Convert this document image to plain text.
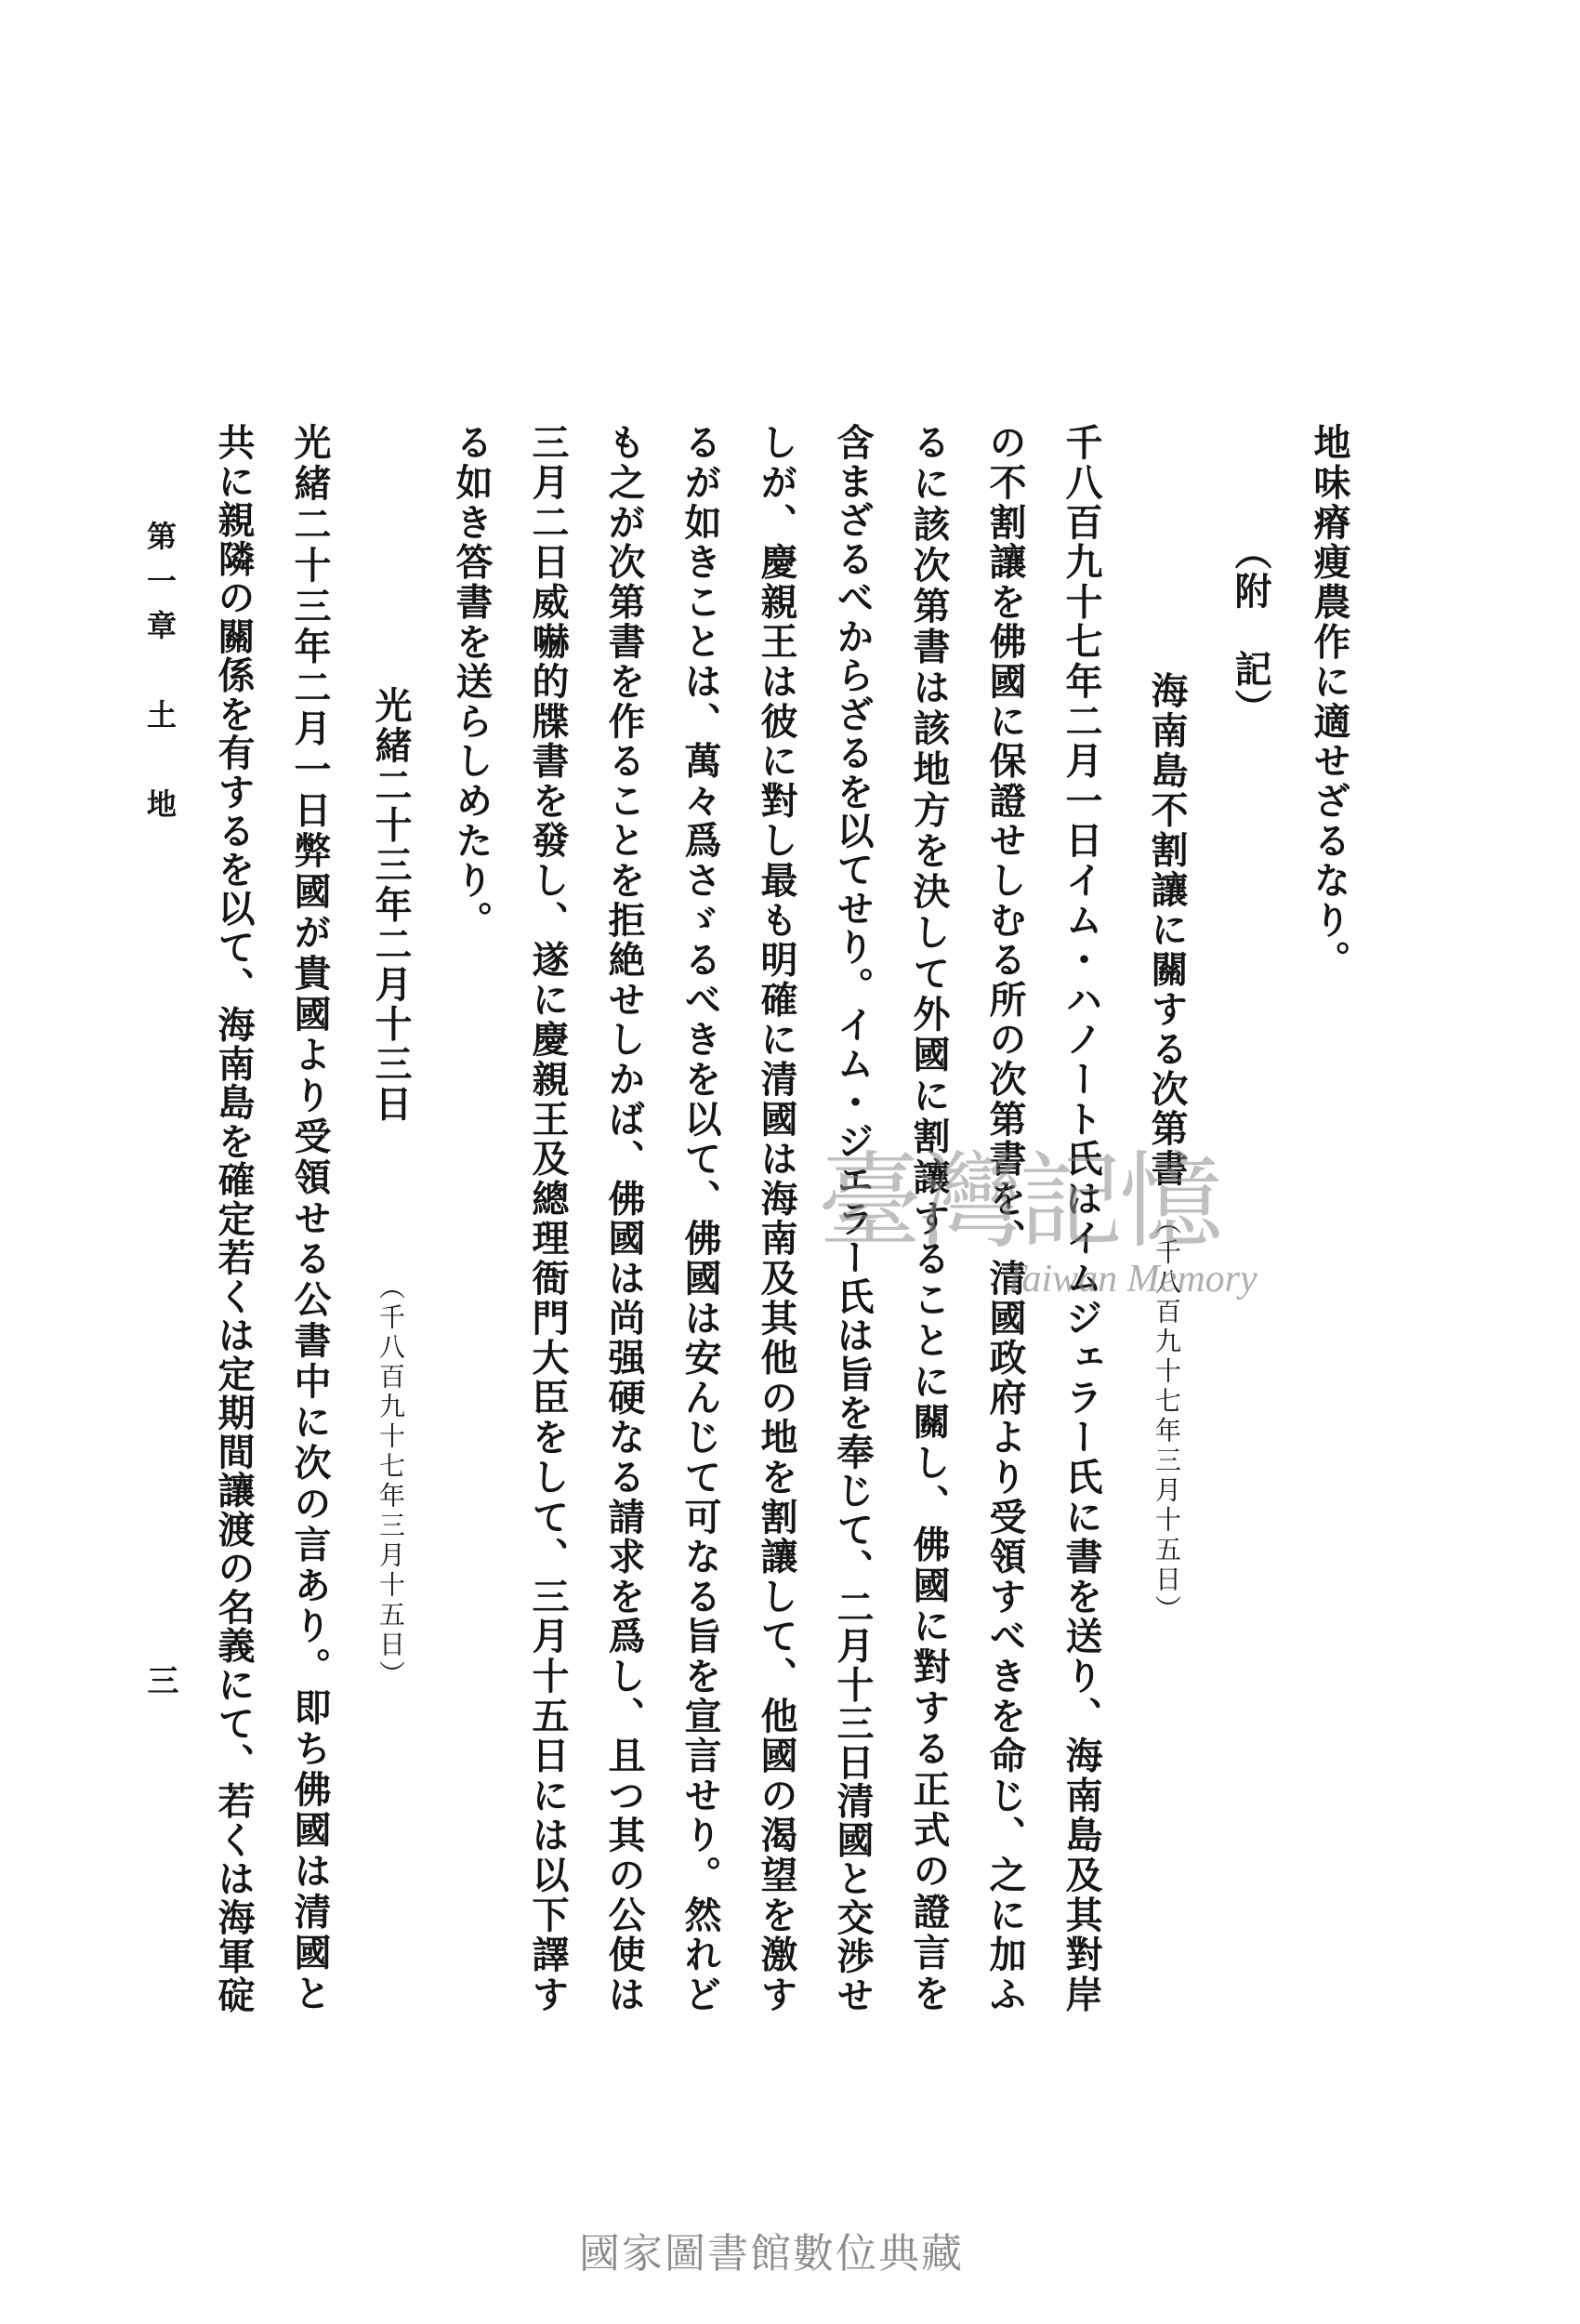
地味瘠痩農作に適せざるなり。
（附　記）
海南島不割讓に關する次第書
（千八百九十七年三月十五日）
千八百九十七年二月一日イム・ハノート氏はイムジェラー氏に書を送り、海南島及其對岸
の不割讓を佛國に保證せしむる所の次第書を、清國政府より受領すべきを命じ、之に加ふ
るに該次第書は該地方を決して外國に割讓することに關し、佛國に對する正式の證言を
含まざるべからざるを以てせり。イム・ジエラー氏は旨を奉じて、二月十三日清國と交渉せ
しが、慶親王は彼に對し最も明確に清國は海南及其他の地を割讓して、他國の渴望を激す
るが如きことは、萬々爲さゞるべきを以て、佛國は安んじて可なる旨を宣言せり。然れど
も之が次第書を作ることを拒絶せしかば、佛國は尚强硬なる請求を爲し、且つ其の公使は
三月二日威嚇的牒書を發し、遂に慶親王及總理衙門大臣をして、三月十五日には以下譯す
る如き答書を送らしめたり。
光緒二十三年二月十三日
（千八百九十七年三月十五日）
光緒二十三年二月一日弊國が貴國より受領せる公書中に次の言あり。即ち佛國は清國と
共に親隣の關係を有するを以て、海南島を確定若くは定期間讓渡の名義にて、若くは海軍碇
第一章　土　地
三
臺灣記憶
Taiwan Memory
國家圖書館數位典藏
